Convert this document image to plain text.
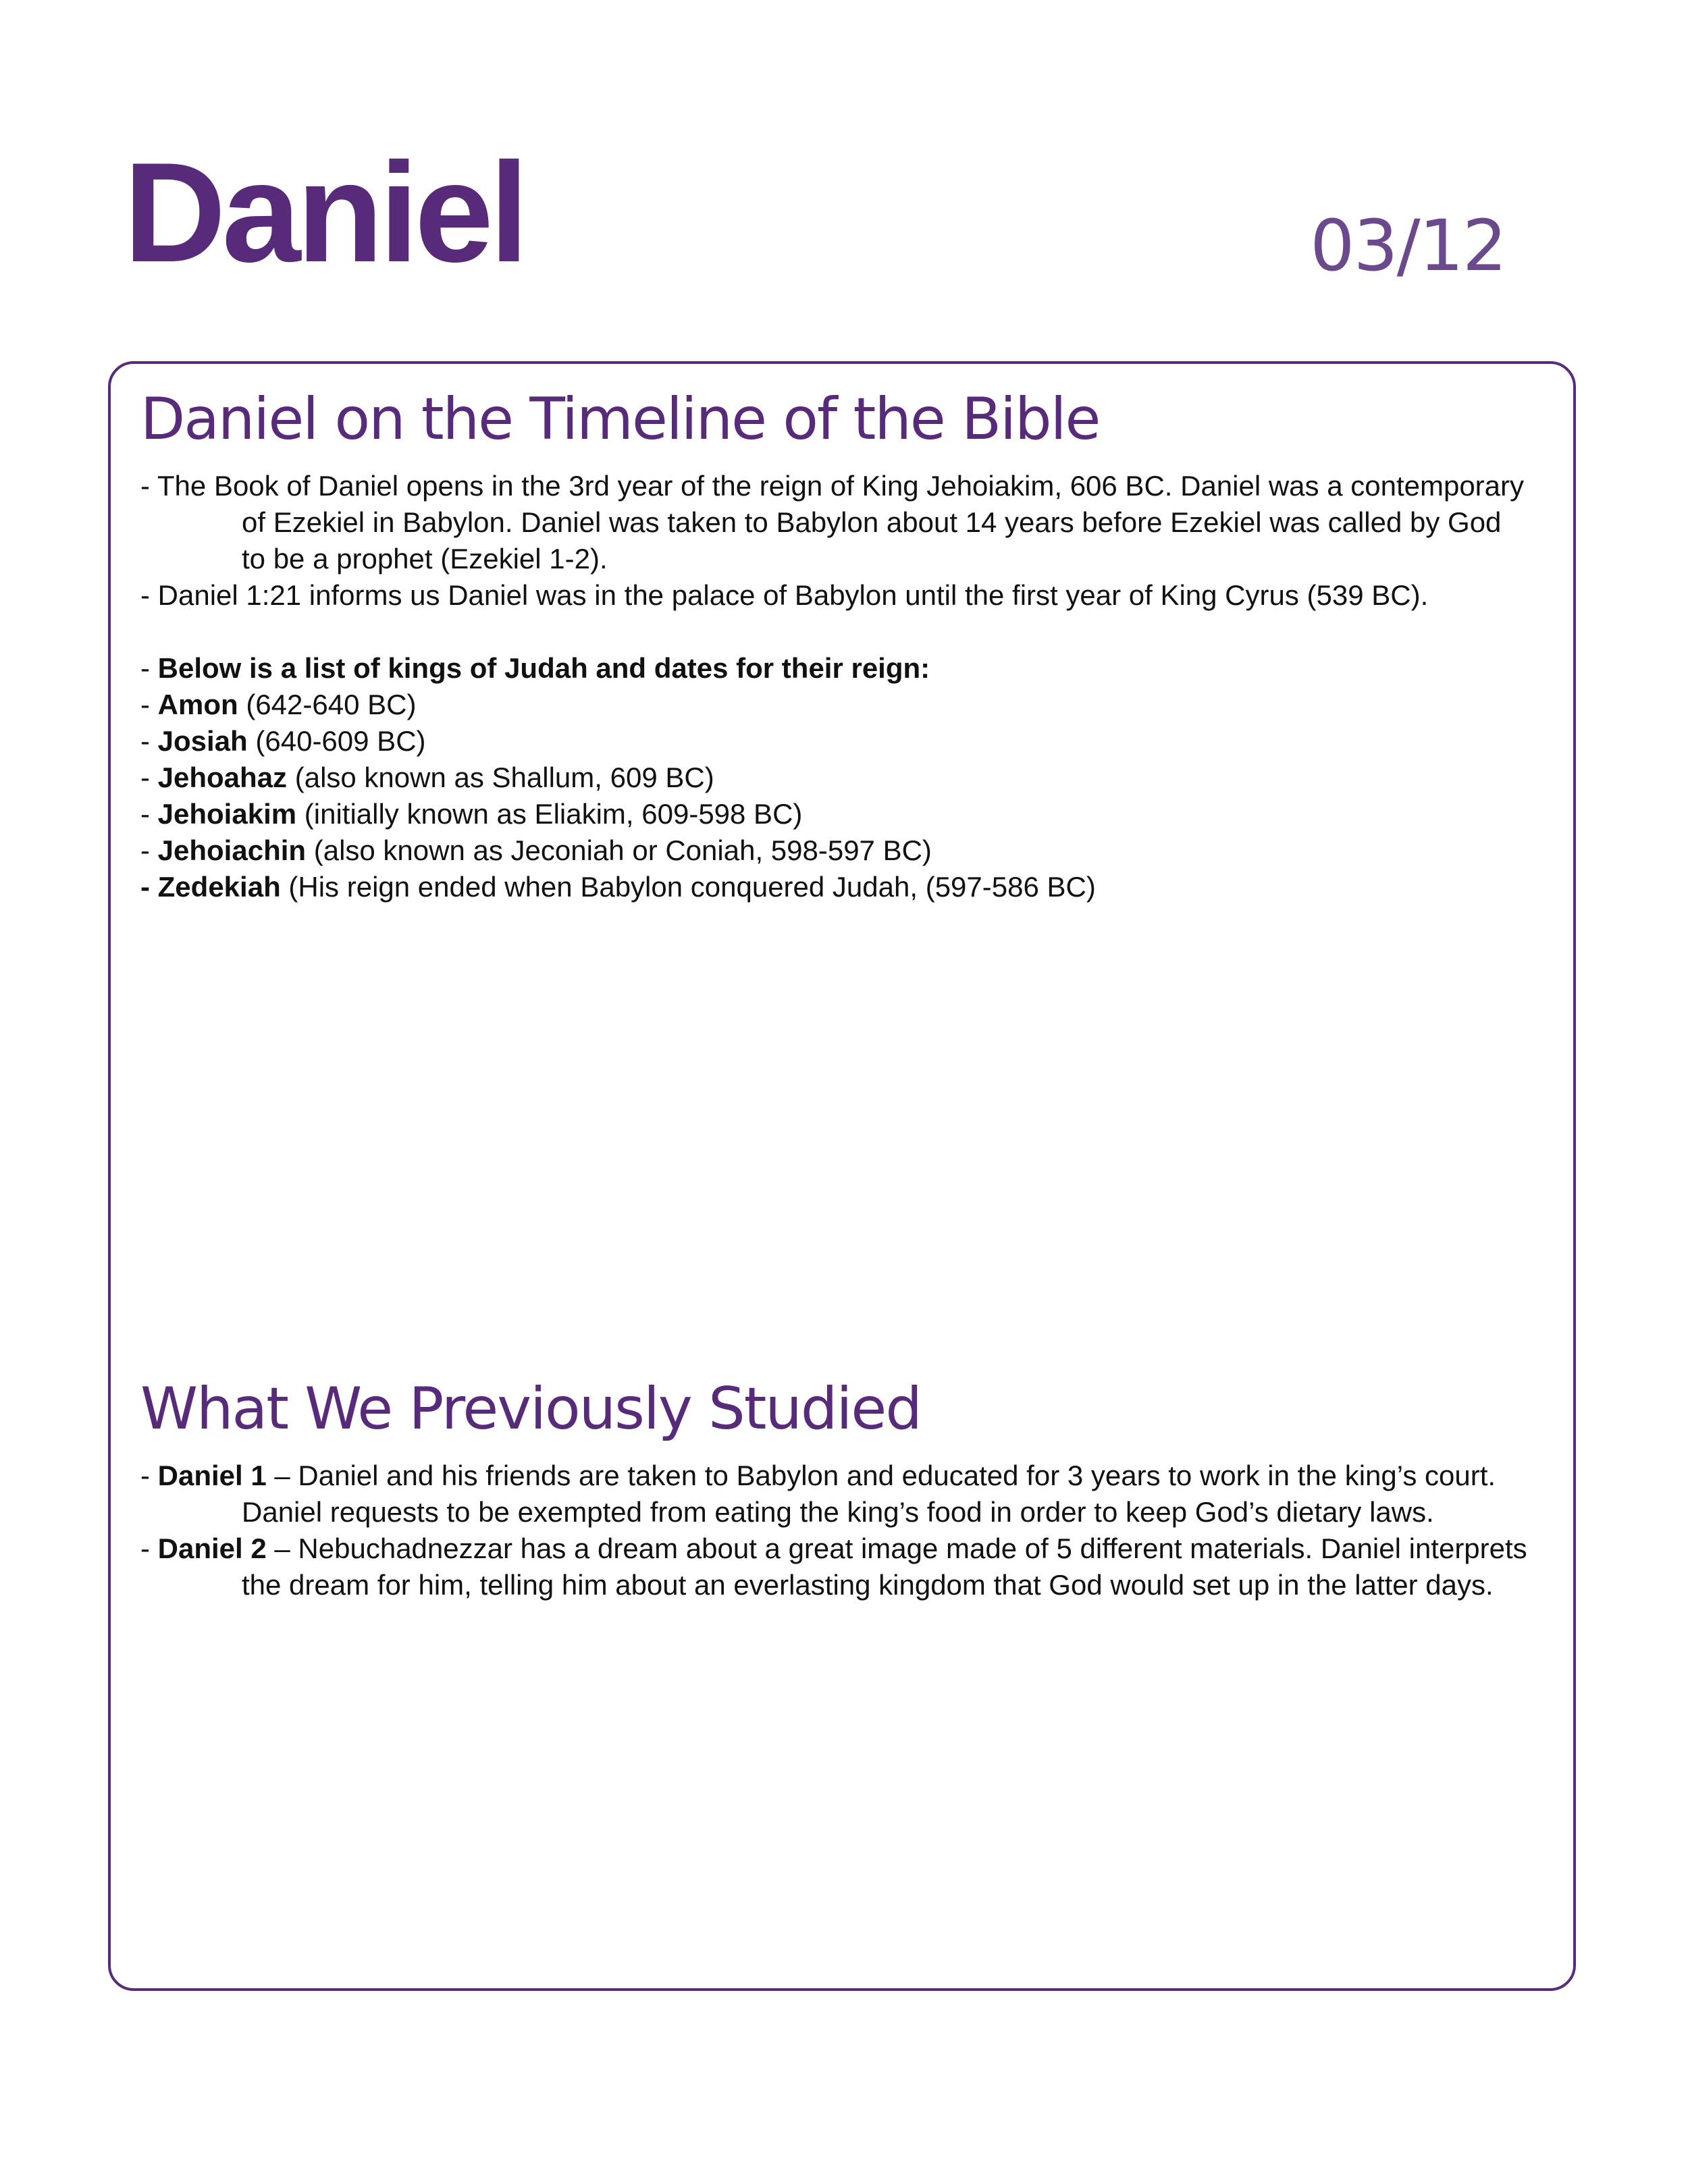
Daniel	03/12
Daniel on the Timeline of the Bible

- The Book of Daniel opens in the 3rd year of the reign of King Jehoiakim, 606 BC. Daniel was a contemporary of Ezekiel in Babylon. Daniel was taken to Babylon about 14 years before Ezekiel was called by God to be a prophet (Ezekiel 1-2).

- Daniel 1:21 informs us Daniel was in the palace of Babylon until the first year of King Cyrus (539 BC).

- Below is a list of kings of Judah and dates for their reign:

- Amon (642-640 BC)

- Josiah (640-609 BC)

- Jehoahaz (also known as Shallum, 609 BC)

- Jehoiakim (initially known as Eliakim, 609-598 BC)

- Jehoiachin (also known as Jeconiah or Coniah, 598-597 BC)

- Zedekiah (His reign ended when Babylon conquered Judah, (597-586 BC)

What We Previously Studied

- Daniel 1 – Daniel and his friends are taken to Babylon and educated for 3 years to work in the king’s court. Daniel requests to be exempted from eating the king’s food in order to keep God’s dietary laws.

- Daniel 2 – Nebuchadnezzar has a dream about a great image made of 5 different materials. Daniel interprets the dream for him, telling him about an everlasting kingdom that God would set up in the latter days.
